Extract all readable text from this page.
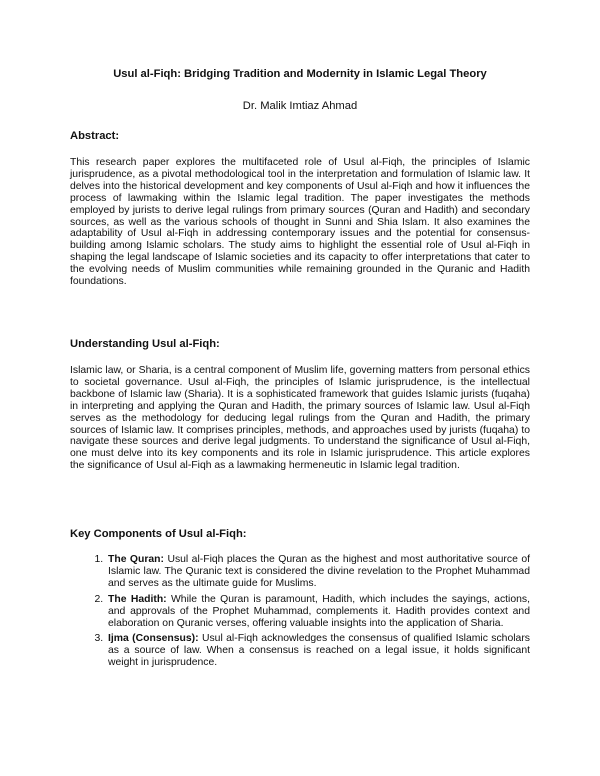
Usul al-Fiqh: Bridging Tradition and Modernity in Islamic Legal Theory
Dr. Malik Imtiaz Ahmad
Abstract:

This research paper explores the multifaceted role of Usul al-Fiqh, the principles of Islamic jurisprudence, as a pivotal methodological tool in the interpretation and formulation of Islamic law. It delves into the historical development and key components of Usul al-Fiqh and how it influences the process of lawmaking within the Islamic legal tradition. The paper investigates the methods employed by jurists to derive legal rulings from primary sources (Quran and Hadith) and secondary sources, as well as the various schools of thought in Sunni and Shia Islam. It also examines the adaptability of Usul al-Fiqh in addressing contemporary issues and the potential for consensus-building among Islamic scholars. The study aims to highlight the essential role of Usul al-Fiqh in shaping the legal landscape of Islamic societies and its capacity to offer interpretations that cater to the evolving needs of Muslim communities while remaining grounded in the Quranic and Hadith foundations.

Understanding Usul al-Fiqh:

Islamic law, or Sharia, is a central component of Muslim life, governing matters from personal ethics to societal governance. Usul al-Fiqh, the principles of Islamic jurisprudence, is the intellectual backbone of Islamic law (Sharia). It is a sophisticated framework that guides Islamic jurists (fuqaha) in interpreting and applying the Quran and Hadith, the primary sources of Islamic law. Usul al-Fiqh serves as the methodology for deducing legal rulings from the Quran and Hadith, the primary sources of Islamic law. It comprises principles, methods, and approaches used by jurists (fuqaha) to navigate these sources and derive legal judgments. To understand the significance of Usul al-Fiqh, one must delve into its key components and its role in Islamic jurisprudence. This article explores the significance of Usul al-Fiqh as a lawmaking hermeneutic in Islamic legal tradition.

Key Components of Usul al-Fiqh:
1. The Quran: Usul al-Fiqh places the Quran as the highest and most authoritative source of Islamic law. The Quranic text is considered the divine revelation to the Prophet Muhammad and serves as the ultimate guide for Muslims.
2. The Hadith: While the Quran is paramount, Hadith, which includes the sayings, actions, and approvals of the Prophet Muhammad, complements it. Hadith provides context and elaboration on Quranic verses, offering valuable insights into the application of Sharia.
3. Ijma (Consensus): Usul al-Fiqh acknowledges the consensus of qualified Islamic scholars as a source of law. When a consensus is reached on a legal issue, it holds significant weight in jurisprudence.
